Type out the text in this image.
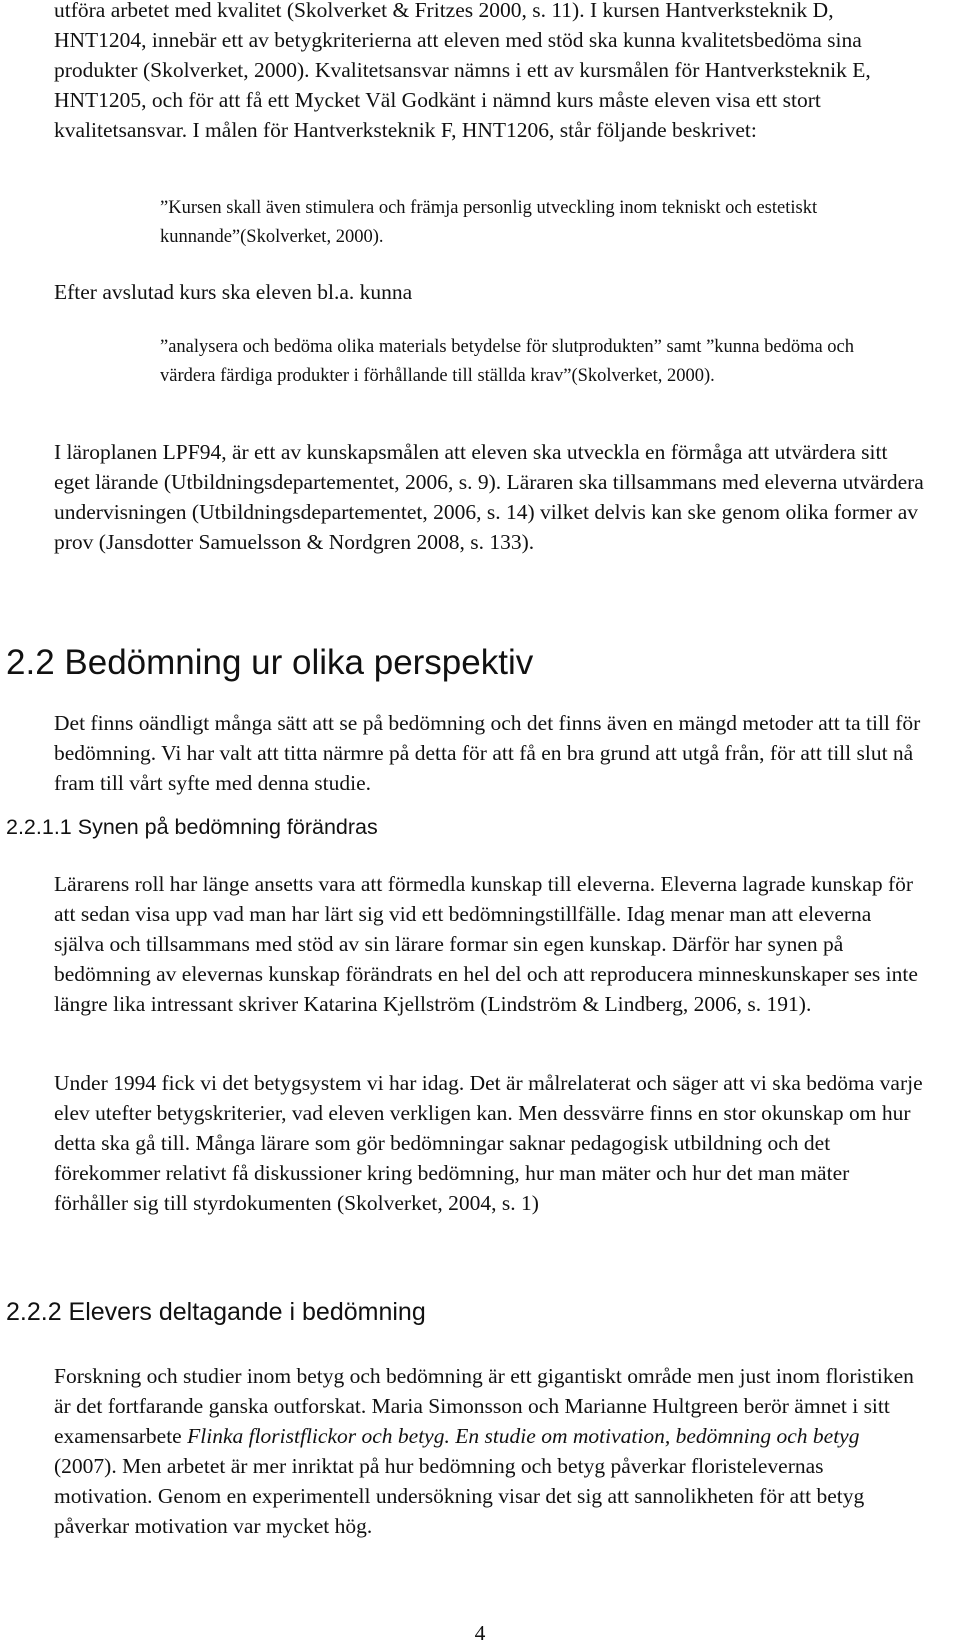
utföra arbetet med kvalitet (Skolverket & Fritzes 2000, s. 11). I kursen Hantverksteknik D, HNT1204, innebär ett av betygkriterierna att eleven med stöd ska kunna kvalitetsbedöma sina produkter (Skolverket, 2000). Kvalitetsansvar nämns i ett av kursmålen för Hantverksteknik E, HNT1205, och för att få ett Mycket Väl Godkänt i nämnd kurs måste eleven visa ett stort kvalitetsansvar. I målen för Hantverksteknik F, HNT1206, står följande beskrivet:

”Kursen skall även stimulera och främja personlig utveckling inom tekniskt och estetiskt kunnande”(Skolverket, 2000).

Efter avslutad kurs ska eleven bl.a. kunna

”analysera och bedöma olika materials betydelse för slutprodukten” samt ”kunna bedöma och värdera färdiga produkter i förhållande till ställda krav”(Skolverket, 2000).

I läroplanen LPF94, är ett av kunskapsmålen att eleven ska utveckla en förmåga att utvärdera sitt eget lärande (Utbildningsdepartementet, 2006, s. 9). Läraren ska tillsammans med eleverna utvärdera undervisningen (Utbildningsdepartementet, 2006, s. 14) vilket delvis kan ske genom olika former av prov (Jansdotter Samuelsson & Nordgren 2008, s. 133).

2.2 Bedömning ur olika perspektiv

Det finns oändligt många sätt att se på bedömning och det finns även en mängd metoder att ta till för bedömning. Vi har valt att titta närmre på detta för att få en bra grund att utgå från, för att till slut nå fram till vårt syfte med denna studie.

2.2.1.1 Synen på bedömning förändras

Lärarens roll har länge ansetts vara att förmedla kunskap till eleverna. Eleverna lagrade kunskap för att sedan visa upp vad man har lärt sig vid ett bedömningstillfälle. Idag menar man att eleverna själva och tillsammans med stöd av sin lärare formar sin egen kunskap. Därför har synen på bedömning av elevernas kunskap förändrats en hel del och att reproducera minneskunskaper ses inte längre lika intressant skriver Katarina Kjellström (Lindström & Lindberg, 2006, s. 191).

Under 1994 fick vi det betygsystem vi har idag. Det är målrelaterat och säger att vi ska bedöma varje elev utefter betygskriterier, vad eleven verkligen kan. Men dessvärre finns en stor okunskap om hur detta ska gå till. Många lärare som gör bedömningar saknar pedagogisk utbildning och det förekommer relativt få diskussioner kring bedömning, hur man mäter och hur det man mäter förhåller sig till styrdokumenten (Skolverket, 2004, s. 1)

2.2.2 Elevers deltagande i bedömning

Forskning och studier inom betyg och bedömning är ett gigantiskt område men just inom floristiken är det fortfarande ganska outforskat. Maria Simonsson och Marianne Hultgreen berör ämnet i sitt examensarbete Flinka floristflickor och betyg. En studie om motivation, bedömning och betyg (2007). Men arbetet är mer inriktat på hur bedömning och betyg påverkar floristelevernas motivation. Genom en experimentell undersökning visar det sig att sannolikheten för att betyg påverkar motivation var mycket hög.

4
